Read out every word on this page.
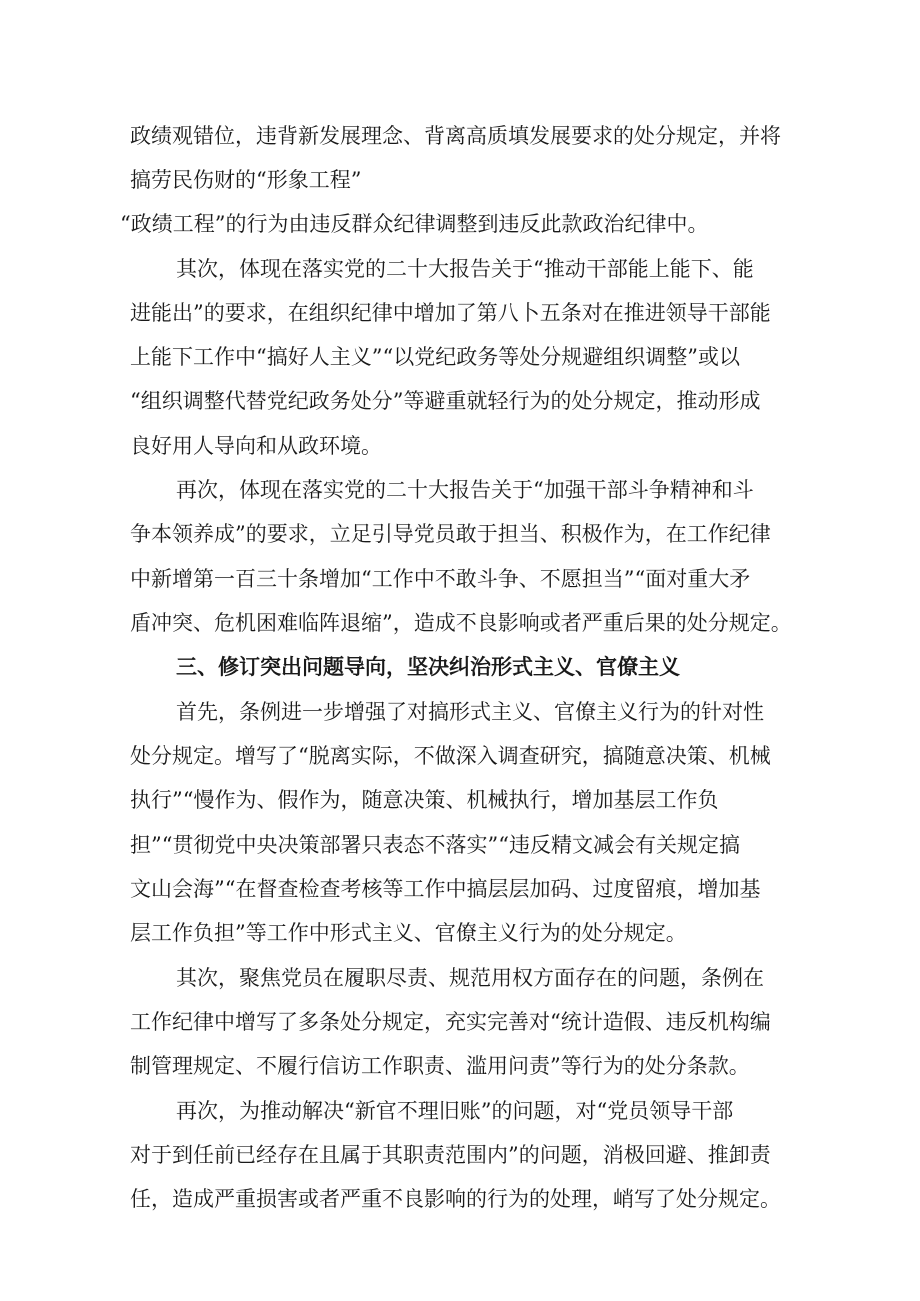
政绩观错位，违背新发展理念、背离高质填发展要求的处分规定，并将
搞劳民伤财的“形象工程”
“政绩工程”的行为由违反群众纪律调整到违反此款政治纪律中。
其次，体现在落实党的二十大报告关于“推动干部能上能下、能
进能出”的要求，在组织纪律中增加了第八卜五条对在推进领导干部能
上能下工作中“搞好人主义”“以党纪政务等处分规避组织调整”或以
“组织调整代替党纪政务处分”等避重就轻行为的处分规定，推动形成
良好用人导向和从政环境。
再次，体现在落实党的二十大报告关于“加强干部斗争精神和斗
争本领养成”的要求，立足引导党员敢于担当、积极作为，在工作纪律
中新增第一百三十条增加“工作中不敢斗争、不愿担当”“面对重大矛
盾冲突、危机困难临阵退缩”，造成不良影响或者严重后果的处分规定。
三、修订突出问题导向，坚决纠治形式主义、官僚主义
首先，条例进一步增强了对搞形式主义、官僚主义行为的针对性
处分规定。增写了“脱离实际，不做深入调查研究，搞随意决策、机械
执行”“慢作为、假作为，随意决策、机械执行，增加基层工作负
担”“贯彻党中央决策部署只表态不落实”“违反精文减会有关规定搞
文山会海”“在督查检查考核等工作中搞层层加码、过度留痕，增加基
层工作负担”等工作中形式主义、官僚主义行为的处分规定。
其次，聚焦党员在履职尽责、规范用权方面存在的问题，条例在
工作纪律中增写了多条处分规定，充实完善对“统计造假、违反机构编
制管理规定、不履行信访工作职责、滥用问责”等行为的处分条款。
再次，为推动解决“新官不理旧账”的问题，对“党员领导干部
对于到任前已经存在且属于其职责范围内”的问题，消极回避、推卸责
任，造成严重损害或者严重不良影响的行为的处理，峭写了处分规定。
